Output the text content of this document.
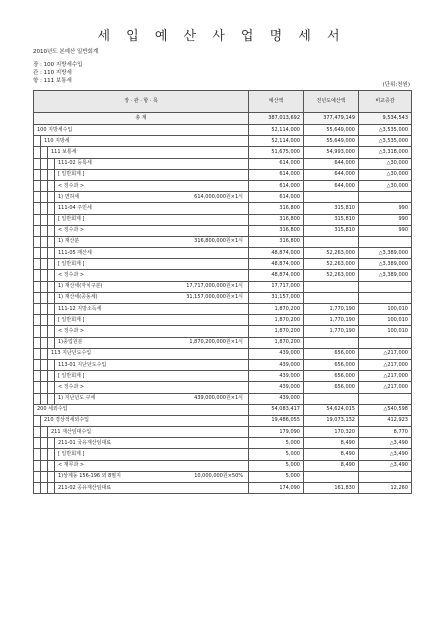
세 입 예 산 사 업 명 세 서
2010년도 본예산 일반회계
장 : 100 지방세수입
관 : 110 지방세
항 : 111 보통세
(단위:천원)
장 · 관 · 항 · 목				예산액	전년도예산액	비교증감
총 계				387,013,692	377,479,149	9,534,543
100 지방세수입				52,114,000	55,649,000	△3,535,000
	110 지방세			52,114,000	55,649,000	△3,535,000
		111 보통세		51,675,000	54,993,000	△3,318,000
			111-02 등록세	614,000	644,000	△30,000
			[ 일반회계 ]	614,000	644,000	△30,000
			< 징수과 >	614,000	644,000	△30,000
			1) 면허세 614,000,000원×1식	614,000		
			111-04 주민세	316,800	315,810	990
			[ 일반회계 ]	316,800	315,810	990
			< 징수과 >	316,800	315,810	990
			1) 재산분 316,800,000원×1식	316,800		
			111-05 재산세	48,874,000	52,263,000	△3,389,000
			[ 일반회계 ]	48,874,000	52,263,000	△3,389,000
			< 징수과 >	48,874,000	52,263,000	△3,389,000
			1) 재산세(자치구분) 17,717,000,000원×1식	17,717,000		
			1) 재산세(공동세) 31,157,000,000원×1식	31,157,000		
			111-12 지방소득세	1,870,200	1,770,190	100,010
			[ 일반회계 ]	1,870,200	1,770,190	100,010
			< 징수과 >	1,870,200	1,770,190	100,010
			1)종업원분 1,870,200,000원×1식	1,870,200		
		113 지난년도수입		439,000	656,000	△217,000
			113-01 지난년도수입	439,000	656,000	△217,000
			[ 일반회계 ]	439,000	656,000	△217,000
			< 징수과 >	439,000	656,000	△217,000
			1) 지난년도 구세 439,000,000원×1식	439,000		
200 세외수입				54,083,417	54,624,015	△540,598
	210 경상적세외수입			19,486,055	19,073,132	412,923
		211 재산임대수입		179,090	170,320	8,770
			211-01 국유재산임대료	5,000	8,490	△3,490
			[ 일반회계 ]	5,000	8,490	△3,490
			< 재무과 >	5,000	8,490	△3,490
			1)상계동 156-196 외 8필지 10,000,000원×50%	5,000		
			211-02 공유재산임대료	174,090	161,830	12,260
